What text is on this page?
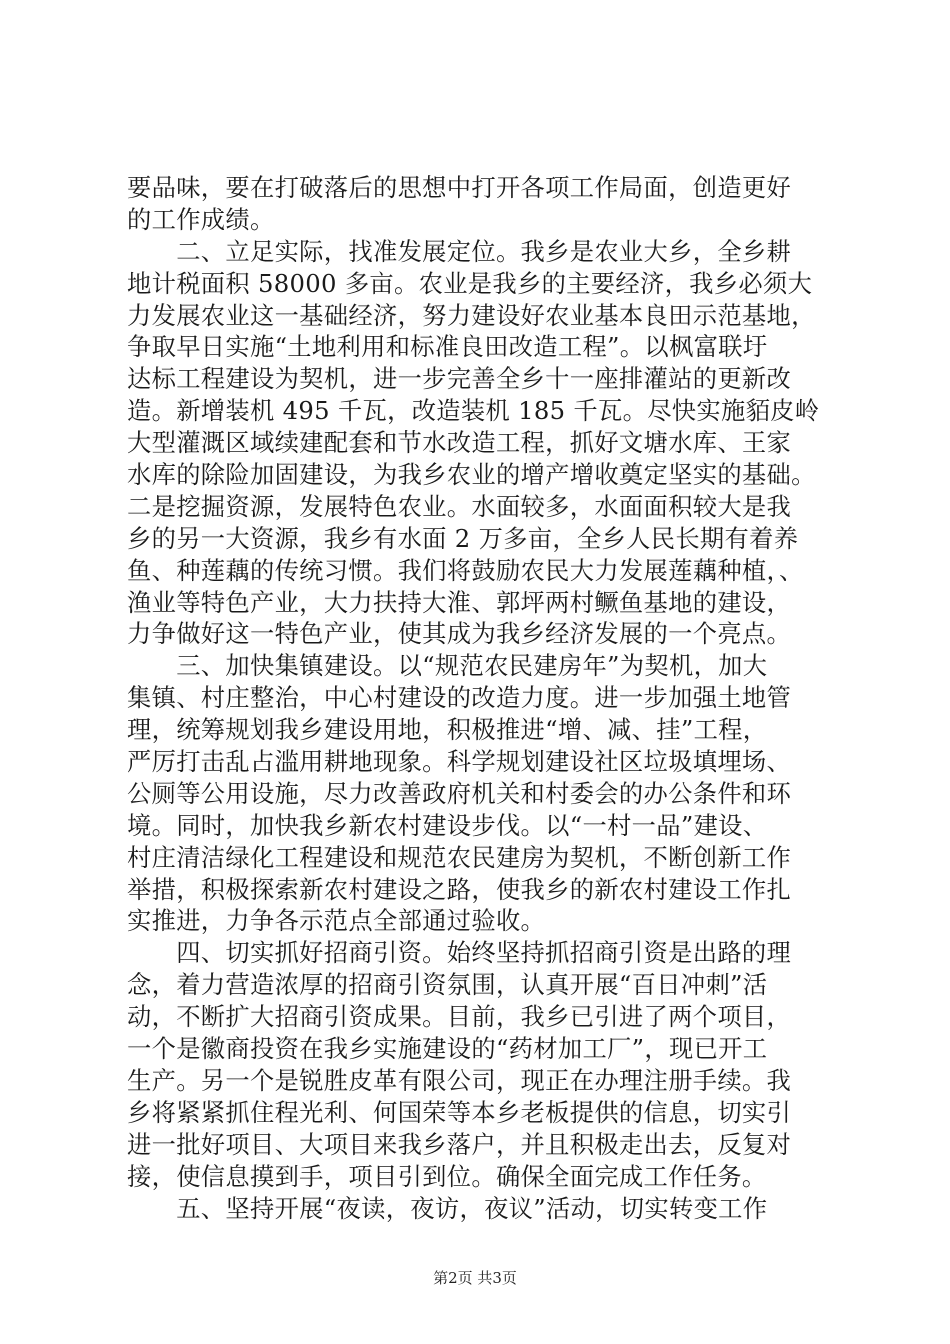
要品味，要在打破落后的思想中打开各项工作局面，创造更好
的工作成绩。
　　二、立足实际，找准发展定位。我乡是农业大乡，全乡耕
地计税面积 58000 多亩。农业是我乡的主要经济，我乡必须大
力发展农业这一基础经济，努力建设好农业基本良田示范基地，
争取早日实施“土地利用和标准良田改造工程”。以枫富联圩
达标工程建设为契机，进一步完善全乡十一座排灌站的更新改
造。新增装机 495 千瓦，改造装机 185 千瓦。尽快实施貊皮岭
大型灌溉区域续建配套和节水改造工程，抓好文塘水库、王家
水库的除险加固建设，为我乡农业的增产增收奠定坚实的基础。
二是挖掘资源，发展特色农业。水面较多，水面面积较大是我
乡的另一大资源，我乡有水面 2 万多亩，全乡人民长期有着养
鱼、种莲藕的传统习惯。我们将鼓励农民大力发展莲藕种植，、
渔业等特色产业，大力扶持大淮、郭坪两村鳜鱼基地的建设，
力争做好这一特色产业，使其成为我乡经济发展的一个亮点。
　　三、加快集镇建设。以“规范农民建房年”为契机，加大
集镇、村庄整治，中心村建设的改造力度。进一步加强土地管
理，统筹规划我乡建设用地，积极推进“增、减、挂”工程，
严厉打击乱占滥用耕地现象。科学规划建设社区垃圾填埋场、
公厕等公用设施，尽力改善政府机关和村委会的办公条件和环
境。同时，加快我乡新农村建设步伐。以“一村一品”建设、
村庄清洁绿化工程建设和规范农民建房为契机，不断创新工作
举措，积极探索新农村建设之路，使我乡的新农村建设工作扎
实推进，力争各示范点全部通过验收。
　　四、切实抓好招商引资。始终坚持抓招商引资是出路的理
念，着力营造浓厚的招商引资氛围，认真开展“百日冲刺”活
动，不断扩大招商引资成果。目前，我乡已引进了两个项目，
一个是徽商投资在我乡实施建设的“药材加工厂”，现已开工
生产。另一个是锐胜皮革有限公司，现正在办理注册手续。我
乡将紧紧抓住程光利、何国荣等本乡老板提供的信息，切实引
进一批好项目、大项目来我乡落户，并且积极走出去，反复对
接，使信息摸到手，项目引到位。确保全面完成工作任务。
　　五、坚持开展“夜读，夜访，夜议”活动，切实转变工作
第2页 共3页
